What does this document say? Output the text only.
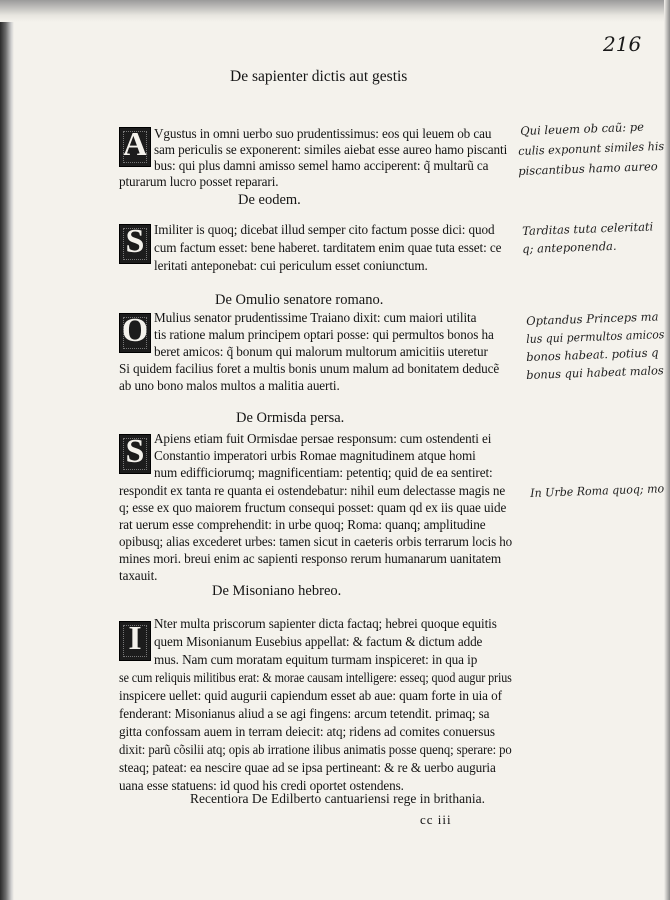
216
De sapienter dictis aut gestis
A Vgustus in omni uerbo suo prudentissimus: eos qui leuem ob cau
sam periculis se exponerent: similes aiebat esse aureo hamo piscanti
bus: qui plus damni amisso semel hamo acciperent: q̃ multarũ ca
pturarum lucro posset reparari.
De eodem.
S Imiliter is quoq; dicebat illud semper cito factum posse dici: quod
cum factum esset: bene haberet. tarditatem enim quae tuta esset: ce
leritati anteponebat: cui periculum esset coniunctum.
De Omulio senatore romano.
O Mulius senator prudentissime Traiano dixit: cum maiori utilita
tis ratione malum principem optari posse: qui permultos bonos ha
beret amicos: q̃ bonum qui malorum multorum amicitiis uteretur
Si quidem facilius foret a multis bonis unum malum ad bonitatem deducẽ
ab uno bono malos multos a malitia auerti.
De Ormisda persa.
S Apiens etiam fuit Ormisdae persae responsum: cum ostendenti ei
Constantio imperatori urbis Romae magnitudinem atque homi
num edifficiorumq; magnificentiam: petentiq; quid de ea sentiret:
respondit ex tanta re quanta ei ostendebatur: nihil eum delectasse magis ne
q; esse ex quo maiorem fructum consequi posset: quam qd ex iis quae uide
rat uerum esse comprehendit: in urbe quoq; Roma: quanq; amplitudine
opibusq; alias excederet urbes: tamen sicut in caeteris orbis terrarum locis ho
mines mori. breui enim ac sapienti responso rerum humanarum uanitatem
taxauit.
De Misoniano hebreo.
I Nter multa priscorum sapienter dicta factaq; hebrei quoque equitis
quem Misonianum Eusebius appellat: & factum & dictum adde
mus. Nam cum moratam equitum turmam inspiceret: in qua ip
se cum reliquis militibus erat: & morae causam intelligere: esseq; quod augur prius
inspicere uellet: quid augurii capiendum esset ab aue: quam forte in uia of
fenderant: Misonianus aliud a se agi fingens: arcum tetendit. primaq; sa
gitta confossam auem in terram deiecit: atq; ridens ad comites conuersus
dixit: parũ cõsilii atq; opis ab irratione ilibus animatis posse quenq; sperare: po
steaq; pateat: ea nescire quae ad se ipsa pertineant: & re & uerbo auguria
uana esse statuens: id quod his credi oportet ostendens.
Recentiora De Edilberto cantuariensi rege in brithania.
cc iii
Qui leuem ob caũ: pe
culis exponunt similes his
piscantibus hamo aureo
Tarditas tuta celeritati
q; anteponenda.
Optandus Princeps ma
lus qui permultos amicos
bonos habeat. potius q
bonus qui habeat malos
In Urbe Roma quoq; mo
